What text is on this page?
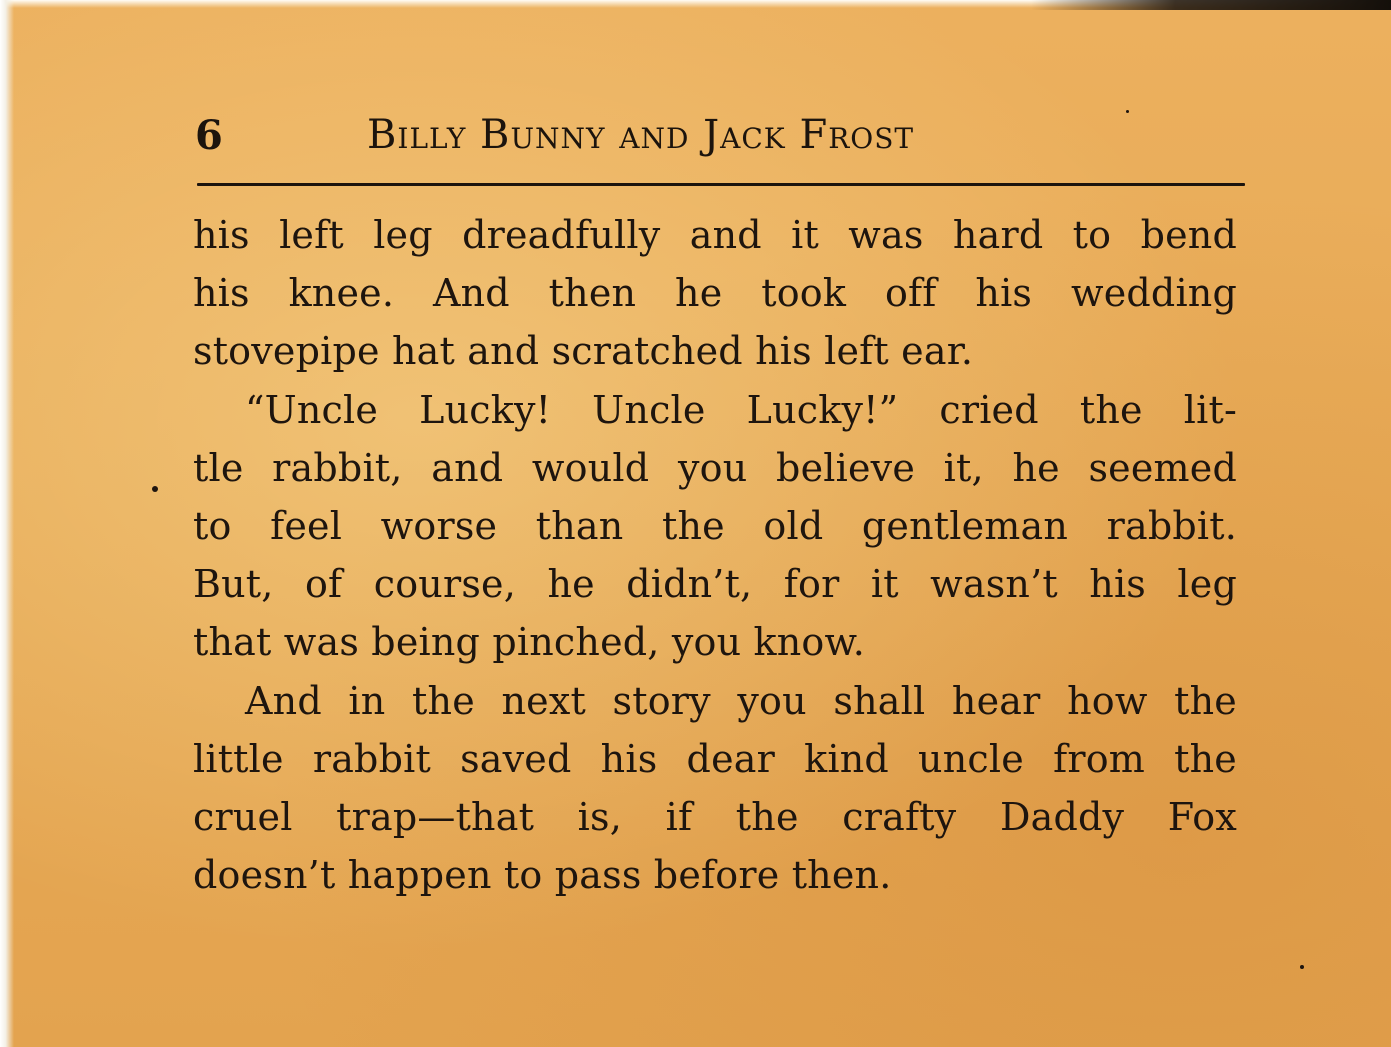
6	Billy Bunny and Jack Frost
his left leg dreadfully and it was hard to bend
his knee. And then he took off his wedding
stovepipe hat and scratched his left ear.
“Uncle Lucky! Uncle Lucky!” cried the lit-
tle rabbit, and would you believe it, he seemed
to feel worse than the old gentleman rabbit.
But, of course, he didn’t, for it wasn’t his leg
that was being pinched, you know.
And in the next story you shall hear how the
little rabbit saved his dear kind uncle from the
cruel trap—that is, if the crafty Daddy Fox
doesn’t happen to pass before then.
